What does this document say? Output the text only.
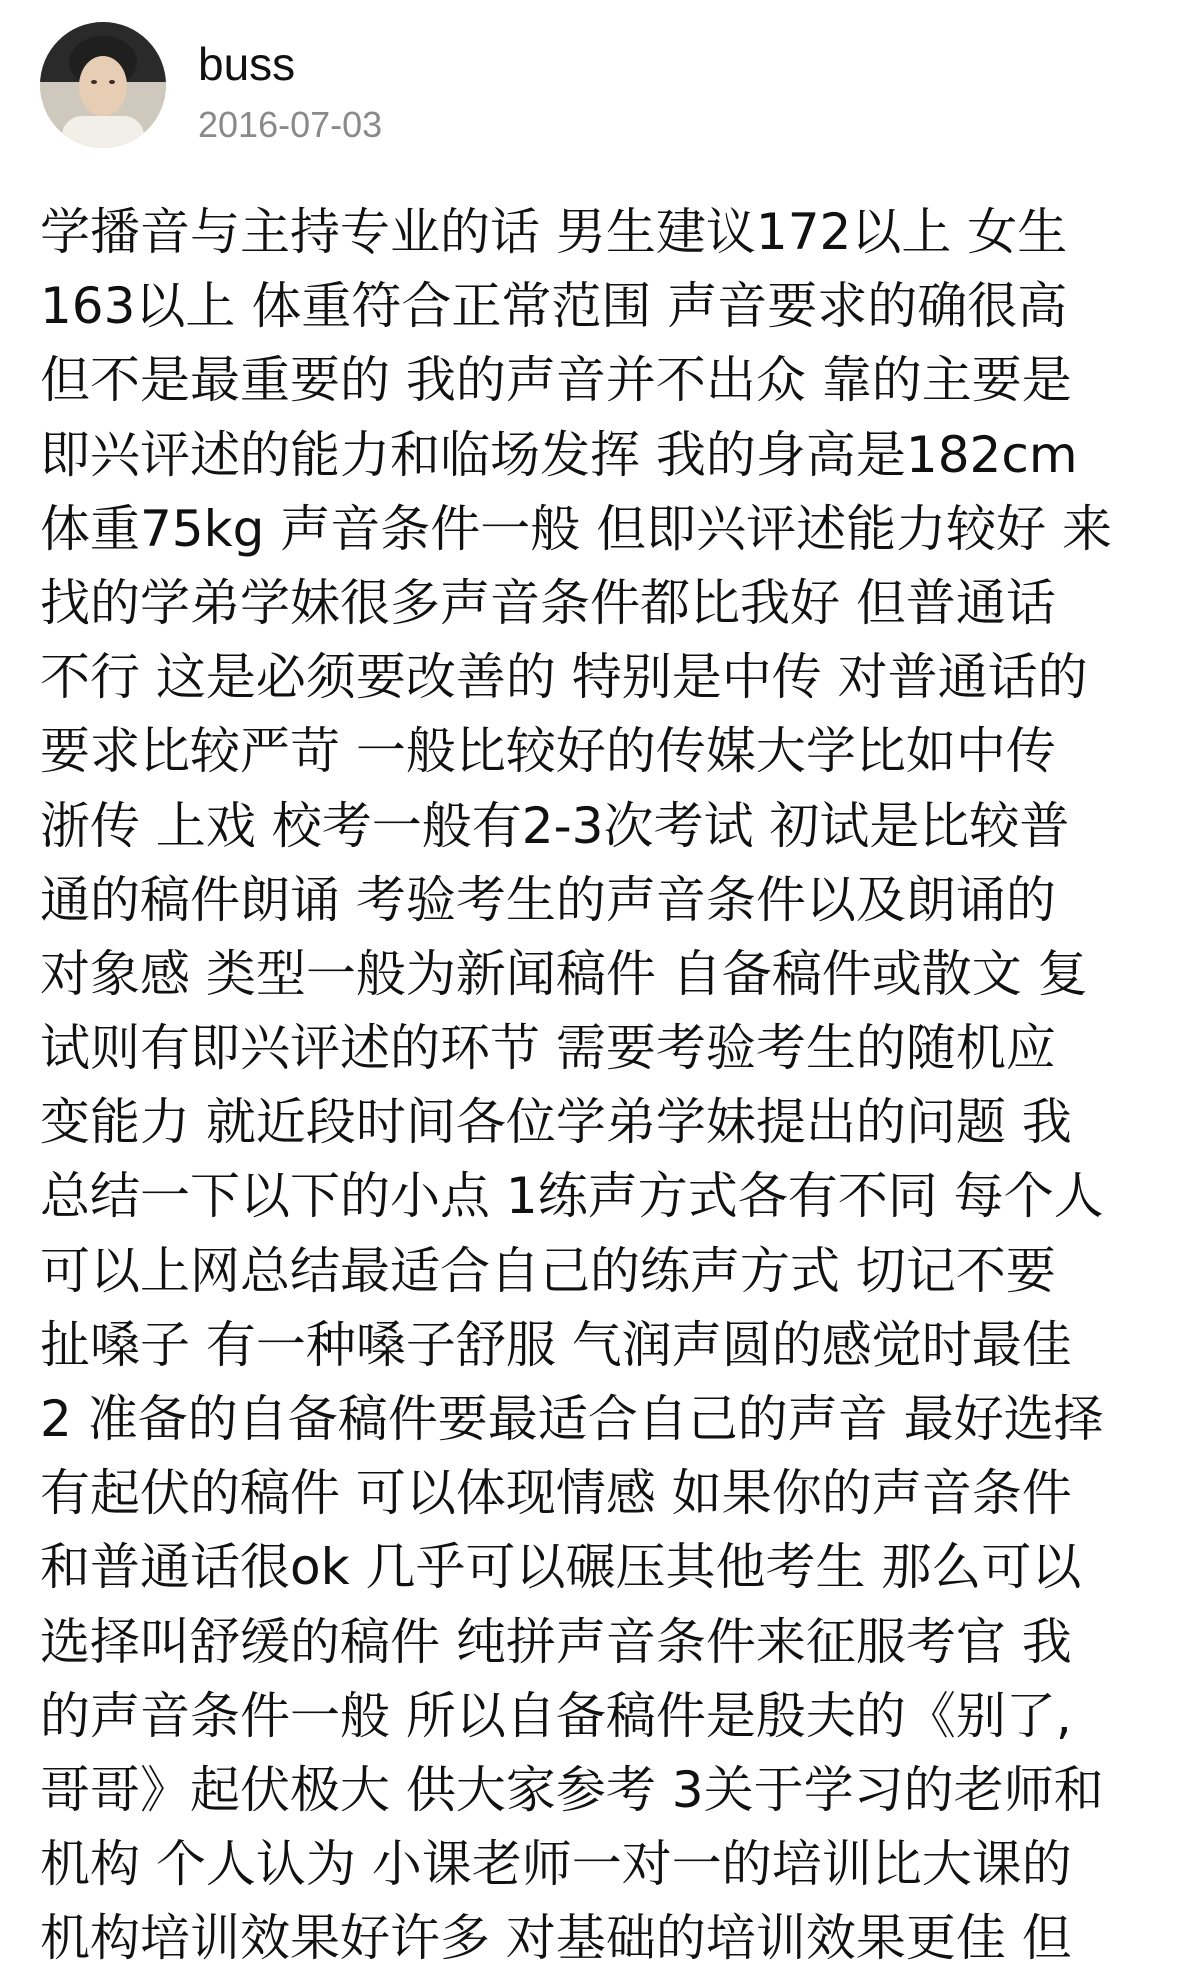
buss
2016-07-03
学播音与主持专业的话 男生建议172以上 女生
163以上 体重符合正常范围 声音要求的确很高
但不是最重要的 我的声音并不出众 靠的主要是
即兴评述的能力和临场发挥 我的身高是182cm
体重75kg 声音条件一般 但即兴评述能力较好 来
找的学弟学妹很多声音条件都比我好 但普通话
不行 这是必须要改善的 特别是中传 对普通话的
要求比较严苛 一般比较好的传媒大学比如中传
浙传 上戏 校考一般有2-3次考试 初试是比较普
通的稿件朗诵 考验考生的声音条件以及朗诵的
对象感 类型一般为新闻稿件 自备稿件或散文 复
试则有即兴评述的环节 需要考验考生的随机应
变能力 就近段时间各位学弟学妹提出的问题 我
总结一下以下的小点 1练声方式各有不同 每个人
可以上网总结最适合自己的练声方式 切记不要
扯嗓子 有一种嗓子舒服 气润声圆的感觉时最佳
2 准备的自备稿件要最适合自己的声音 最好选择
有起伏的稿件 可以体现情感 如果你的声音条件
和普通话很ok 几乎可以碾压其他考生 那么可以
选择叫舒缓的稿件 纯拼声音条件来征服考官 我
的声音条件一般 所以自备稿件是殷夫的《别了,
哥哥》起伏极大 供大家参考 3关于学习的老师和
机构 个人认为 小课老师一对一的培训比大课的
机构培训效果好许多 对基础的培训效果更佳 但
